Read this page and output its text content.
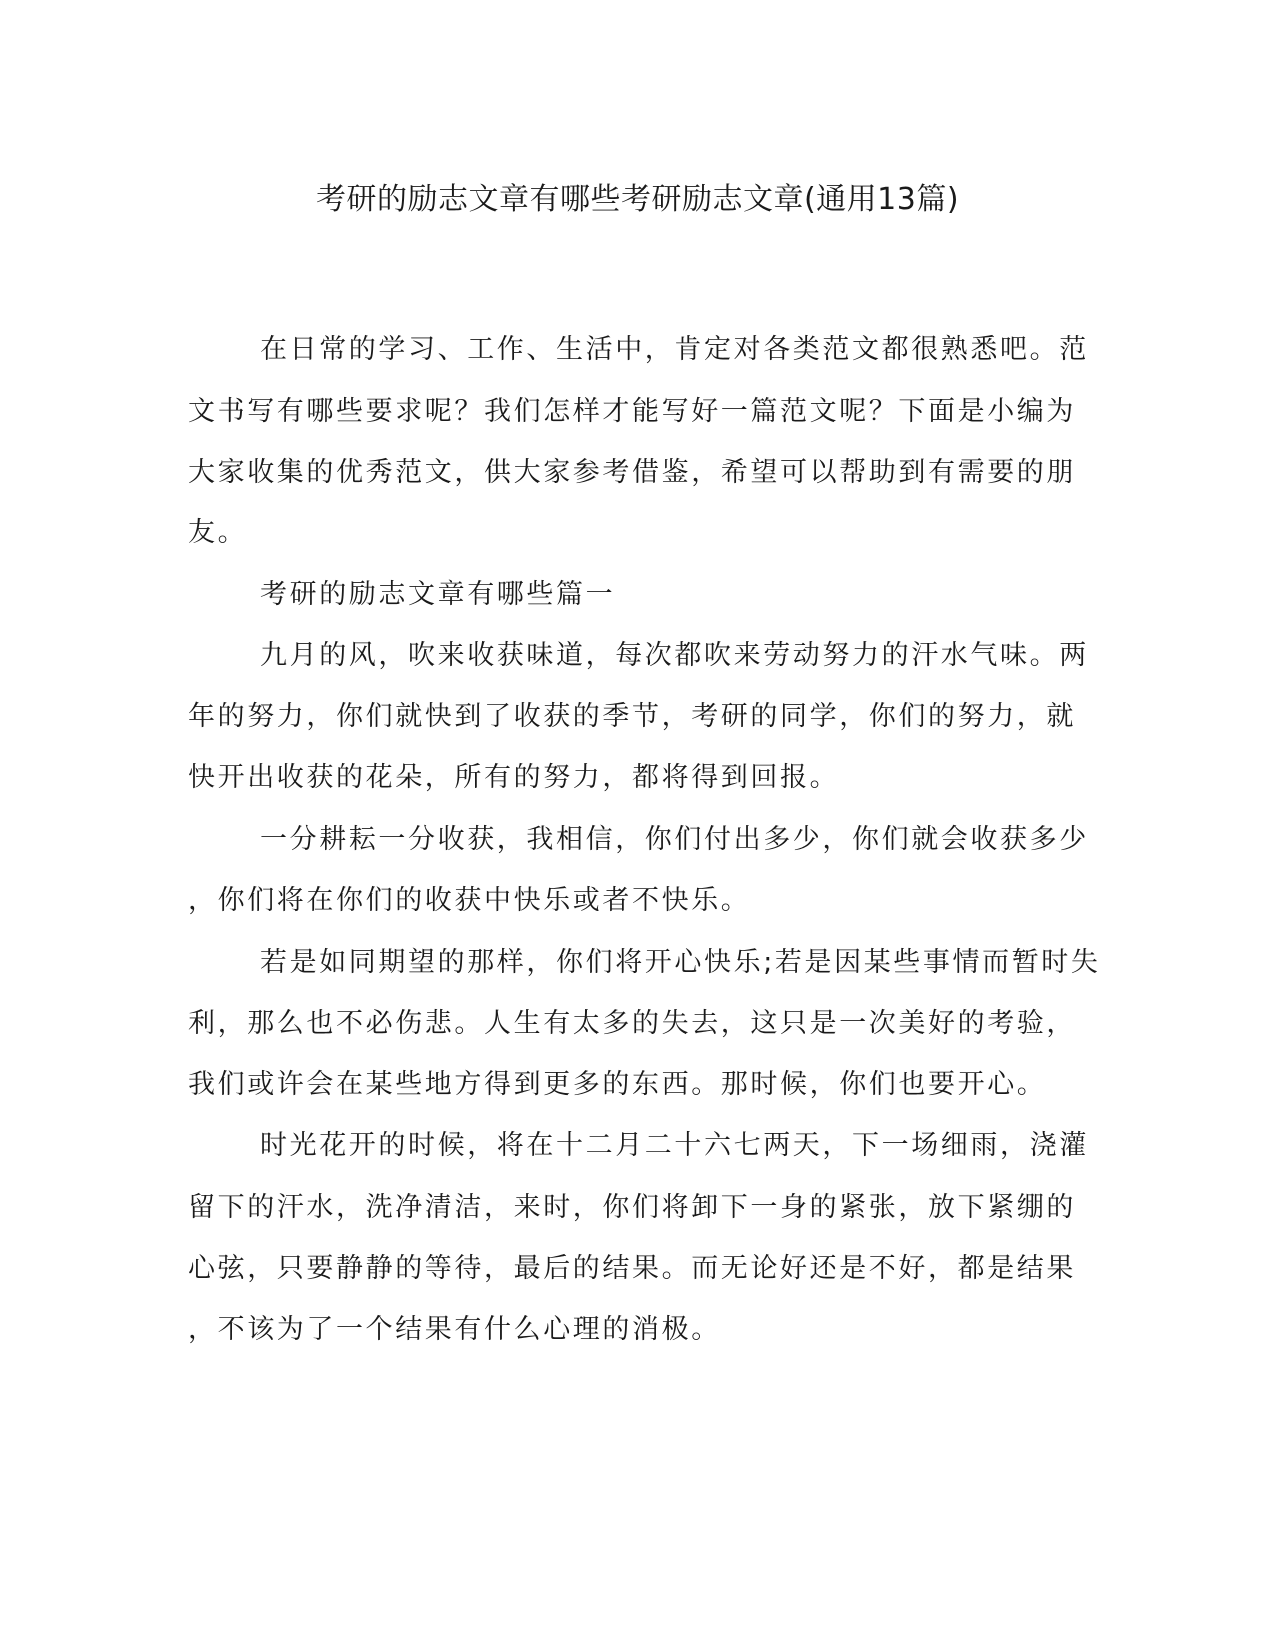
考研的励志文章有哪些考研励志文章(通用13篇)
在日常的学习、工作、生活中，肯定对各类范文都很熟悉吧。范
文书写有哪些要求呢？我们怎样才能写好一篇范文呢？下面是小编为
大家收集的优秀范文，供大家参考借鉴，希望可以帮助到有需要的朋
友。
考研的励志文章有哪些篇一
九月的风，吹来收获味道，每次都吹来劳动努力的汗水气味。两
年的努力，你们就快到了收获的季节，考研的同学，你们的努力，就
快开出收获的花朵，所有的努力，都将得到回报。
一分耕耘一分收获，我相信，你们付出多少，你们就会收获多少
，你们将在你们的收获中快乐或者不快乐。
若是如同期望的那样，你们将开心快乐;若是因某些事情而暂时失
利，那么也不必伤悲。人生有太多的失去，这只是一次美好的考验，
我们或许会在某些地方得到更多的东西。那时候，你们也要开心。
时光花开的时候，将在十二月二十六七两天，下一场细雨，浇灌
留下的汗水，洗净清洁，来时，你们将卸下一身的紧张，放下紧绷的
心弦，只要静静的等待，最后的结果。而无论好还是不好，都是结果
，不该为了一个结果有什么心理的消极。
